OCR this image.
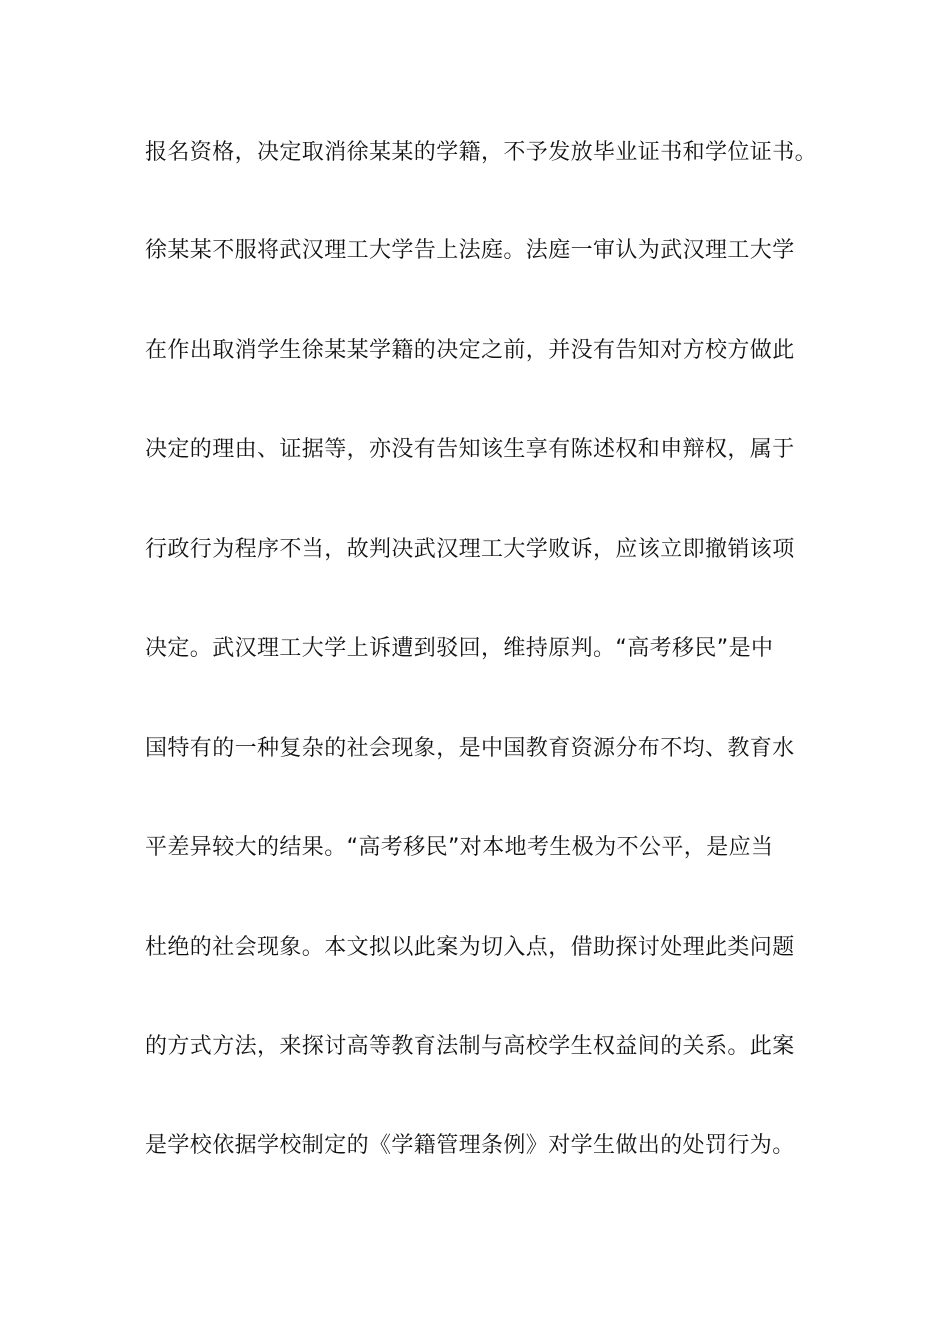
报名资格，决定取消徐某某的学籍，不予发放毕业证书和学位证书。
徐某某不服将武汉理工大学告上法庭。法庭一审认为武汉理工大学
在作出取消学生徐某某学籍的决定之前，并没有告知对方校方做此
决定的理由、证据等，亦没有告知该生享有陈述权和申辩权，属于
行政行为程序不当，故判决武汉理工大学败诉，应该立即撤销该项
决定。武汉理工大学上诉遭到驳回，维持原判。“高考移民”是中
国特有的一种复杂的社会现象，是中国教育资源分布不均、教育水
平差异较大的结果。“高考移民”对本地考生极为不公平，是应当
杜绝的社会现象。本文拟以此案为切入点，借助探讨处理此类问题
的方式方法，来探讨高等教育法制与高校学生权益间的关系。此案
是学校依据学校制定的《学籍管理条例》对学生做出的处罚行为。
